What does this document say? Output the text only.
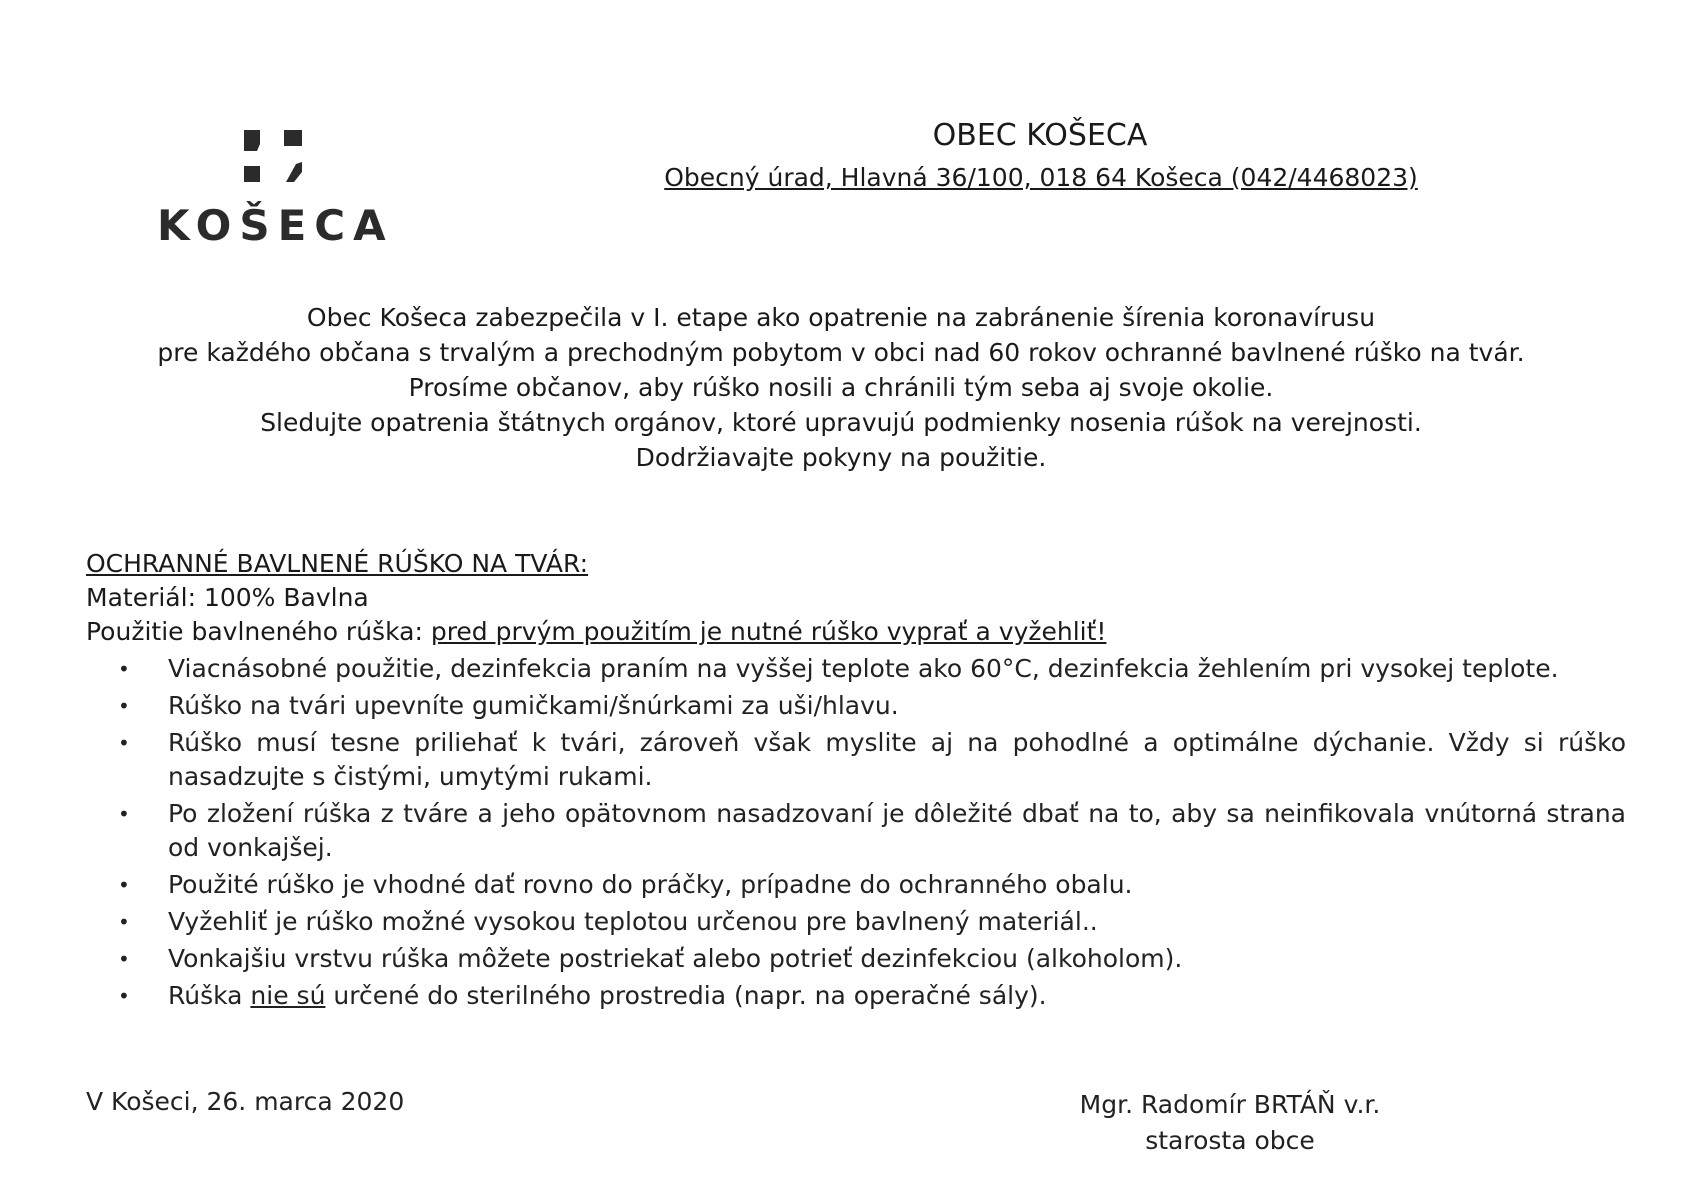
KOŠECA
OBEC KOŠECA
Obecný úrad, Hlavná 36/100, 018 64 Košeca (042/4468023)
Obec Košeca zabezpečila v I. etape ako opatrenie na zabránenie šírenia koronavírusu
pre každého občana s trvalým a prechodným pobytom v obci nad 60 rokov ochranné bavlnené rúško na tvár.
Prosíme občanov, aby rúško nosili a chránili tým seba aj svoje okolie.
Sledujte opatrenia štátnych orgánov, ktoré upravujú podmienky nosenia rúšok na verejnosti.
Dodržiavajte pokyny na použitie.
OCHRANNÉ BAVLNENÉ RÚŠKO NA TVÁR:
Materiál: 100% Bavlna
Použitie bavlneného rúška: pred prvým použitím je nutné rúško vyprať a vyžehliť!
• Viacnásobné použitie, dezinfekcia praním na vyššej teplote ako 60°C, dezinfekcia žehlením pri vysokej teplote.
• Rúško na tvári upevníte gumičkami/šnúrkami za uši/hlavu.
• Rúško musí tesne priliehať k tvári, zároveň však myslite aj na pohodlné a optimálne dýchanie. Vždy si rúško nasadzujte s čistými, umytými rukami.
• Po zložení rúška z tváre a jeho opätovnom nasadzovaní je dôležité dbať na to, aby sa neinfikovala vnútorná strana od vonkajšej.
• Použité rúško je vhodné dať rovno do práčky, prípadne do ochranného obalu.
• Vyžehliť je rúško možné vysokou teplotou určenou pre bavlnený materiál..
• Vonkajšiu vrstvu rúška môžete postriekať alebo potrieť dezinfekciou (alkoholom).
• Rúška nie sú určené do sterilného prostredia (napr. na operačné sály).
V Košeci, 26. marca 2020	Mgr. Radomír BRTÁŇ v.r.
starosta obce
